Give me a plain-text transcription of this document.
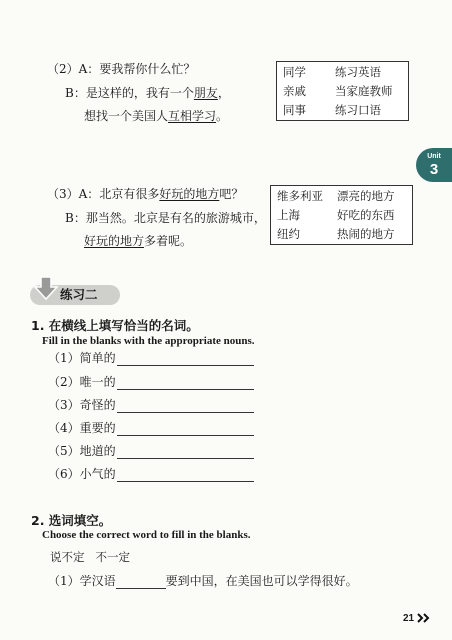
（2）A：要我帮你什么忙？
B：是这样的，我有一个朋友，
想找一个美国人互相学习。
同学	练习英语
亲戚	当家庭教师
同事	练习口语
Unit
3
（3）A：北京有很多好玩的地方吧？
B：那当然。北京是有名的旅游城市，
好玩的地方多着呢。
维多利亚	漂亮的地方
上海	好吃的东西
纽约	热闹的地方
练习二
1. 在横线上填写恰当的名词。
Fill in the blanks with the appropriate nouns.
（1）简单的
（2）唯一的
（3）奇怪的
（4）重要的
（5）地道的
（6）小气的
2. 选词填空。
Choose the correct word to fill in the blanks.
说不定   不一定
（1）学汉语	要到中国，在美国也可以学得很好。
21
